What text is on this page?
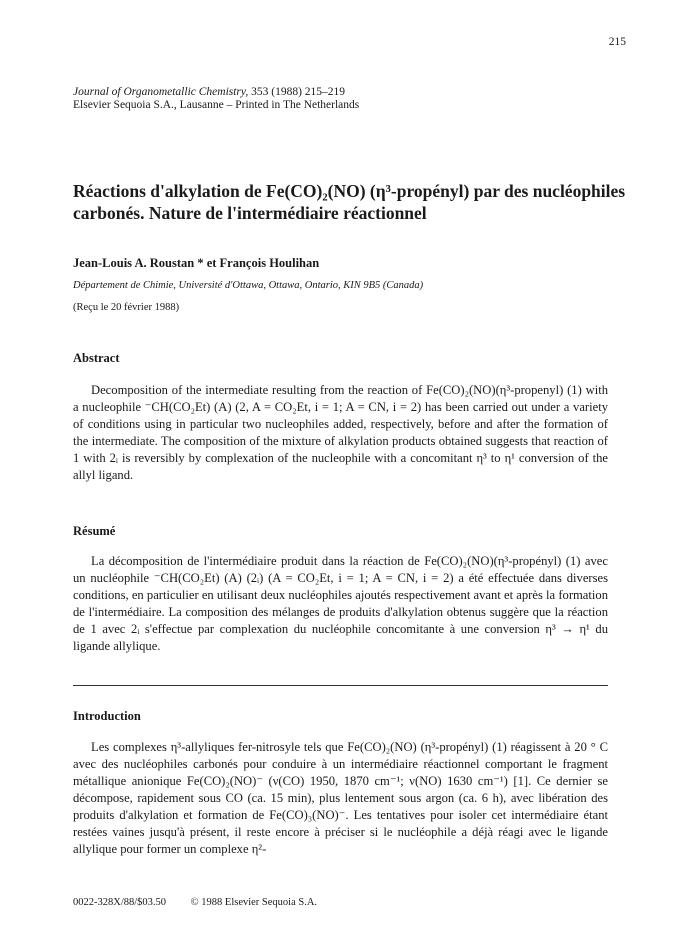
215
Journal of Organometallic Chemistry, 353 (1988) 215–219
Elsevier Sequoia S.A., Lausanne – Printed in The Netherlands
Réactions d'alkylation de Fe(CO)₂(NO) (η³-propényl) par des nucléophiles carbonés. Nature de l'intermédiaire réactionnel
Jean-Louis A. Roustan * et François Houlihan
Département de Chimie, Université d'Ottawa, Ottawa, Ontario, KIN 9B5 (Canada)
(Reçu le 20 février 1988)
Abstract

Decomposition of the intermediate resulting from the reaction of Fe(CO)₂(NO)(η³-propenyl) (1) with a nucleophile ⁻CH(CO₂Et) (A) (2, A = CO₂Et, i = 1; A = CN, i = 2) has been carried out under a variety of conditions using in particular two nucleophiles added, respectively, before and after the formation of the intermediate. The composition of the mixture of alkylation products obtained suggests that reaction of 1 with 2ᵢ is reversibly by complexation of the nucleophile with a concomitant η³ to η¹ conversion of the allyl ligand.

Résumé

La décomposition de l'intermédiaire produit dans la réaction de Fe(CO)₂(NO)(η³-propényl) (1) avec un nucléophile ⁻CH(CO₂Et) (A) (2ᵢ) (A = CO₂Et, i = 1; A = CN, i = 2) a été effectuée dans diverses conditions, en particulier en utilisant deux nucléophiles ajoutés respectivement avant et après la formation de l'intermédiaire. La composition des mélanges de produits d'alkylation obtenus suggère que la réaction de 1 avec 2ᵢ s'effectue par complexation du nucléophile concomitante à une conversion η³ → η¹ du ligande allylique.

Introduction

Les complexes η³-allyliques fer-nitrosyle tels que Fe(CO)₂(NO) (η³-propényl) (1) réagissent à 20 ° C avec des nucléophiles carbonés pour conduire à un intermédiaire réactionnel comportant le fragment métallique anionique Fe(CO)₂(NO)⁻ (ν(CO) 1950, 1870 cm⁻¹; ν(NO) 1630 cm⁻¹) [1]. Ce dernier se décompose, rapidement sous CO (ca. 15 min), plus lentement sous argon (ca. 6 h), avec libération des produits d'alkylation et formation de Fe(CO)₃(NO)⁻. Les tentatives pour isoler cet intermédiaire étant restées vaines jusqu'à présent, il reste encore à préciser si le nucléophile a déjà réagi avec le ligande allylique pour former un complexe η²-

0022-328X/88/$03.50 © 1988 Elsevier Sequoia S.A.
